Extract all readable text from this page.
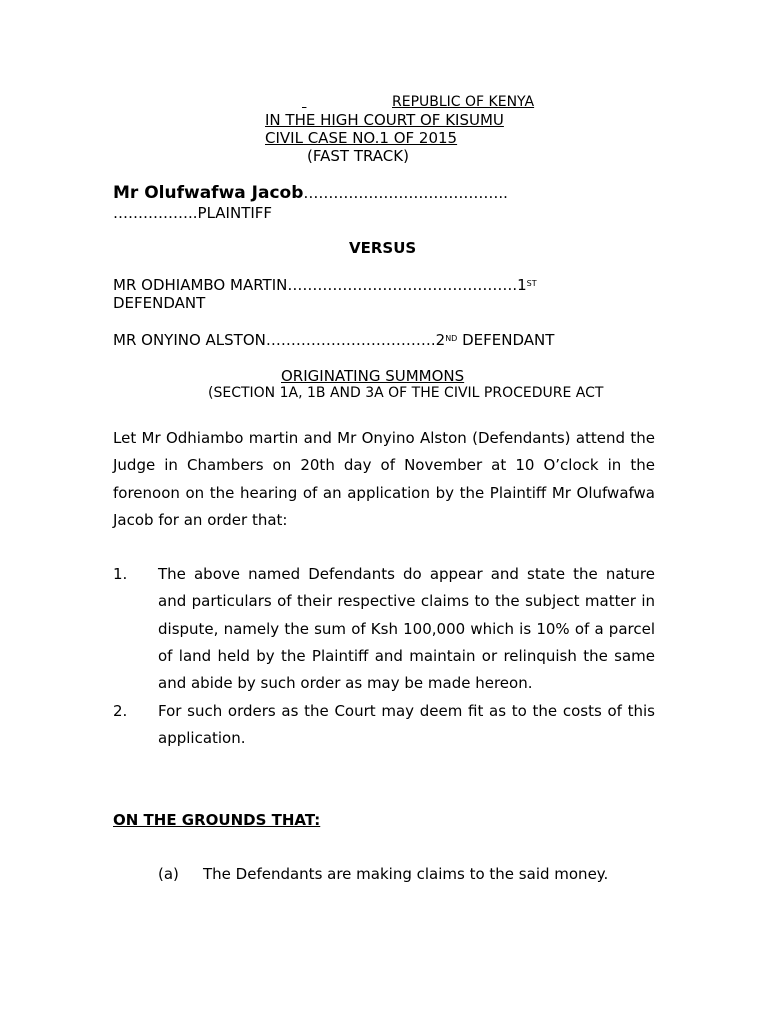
REPUBLIC OF KENYA
IN THE HIGH COURT OF KISUMU
CIVIL CASE NO.1 OF 2015
(FAST TRACK)
Mr Olufwafwa Jacob…………………………………..
……………..PLAINTIFF
VERSUS
MR ODHIAMBO MARTIN……………………………………….1ST
DEFENDANT
MR ONYINO ALSTON…………………………….2ND DEFENDANT
ORIGINATING SUMMONS
(SECTION 1A, 1B AND 3A OF THE CIVIL PROCEDURE ACT
Let Mr Odhiambo martin and Mr Onyino Alston (Defendants) attend the Judge in Chambers on 20th day of November at 10 O’clock in the forenoon on the hearing of an application by the Plaintiff Mr Olufwafwa Jacob for an order that:
1. The above named Defendants do appear and state the nature and particulars of their respective claims to the subject matter in dispute, namely the sum of Ksh 100,000 which is 10% of a parcel of land held by the Plaintiff and maintain or relinquish the same and abide by such order as may be made hereon.
2. For such orders as the Court may deem fit as to the costs of this application.
ON THE GROUNDS THAT:
(a) The Defendants are making claims to the said money.
